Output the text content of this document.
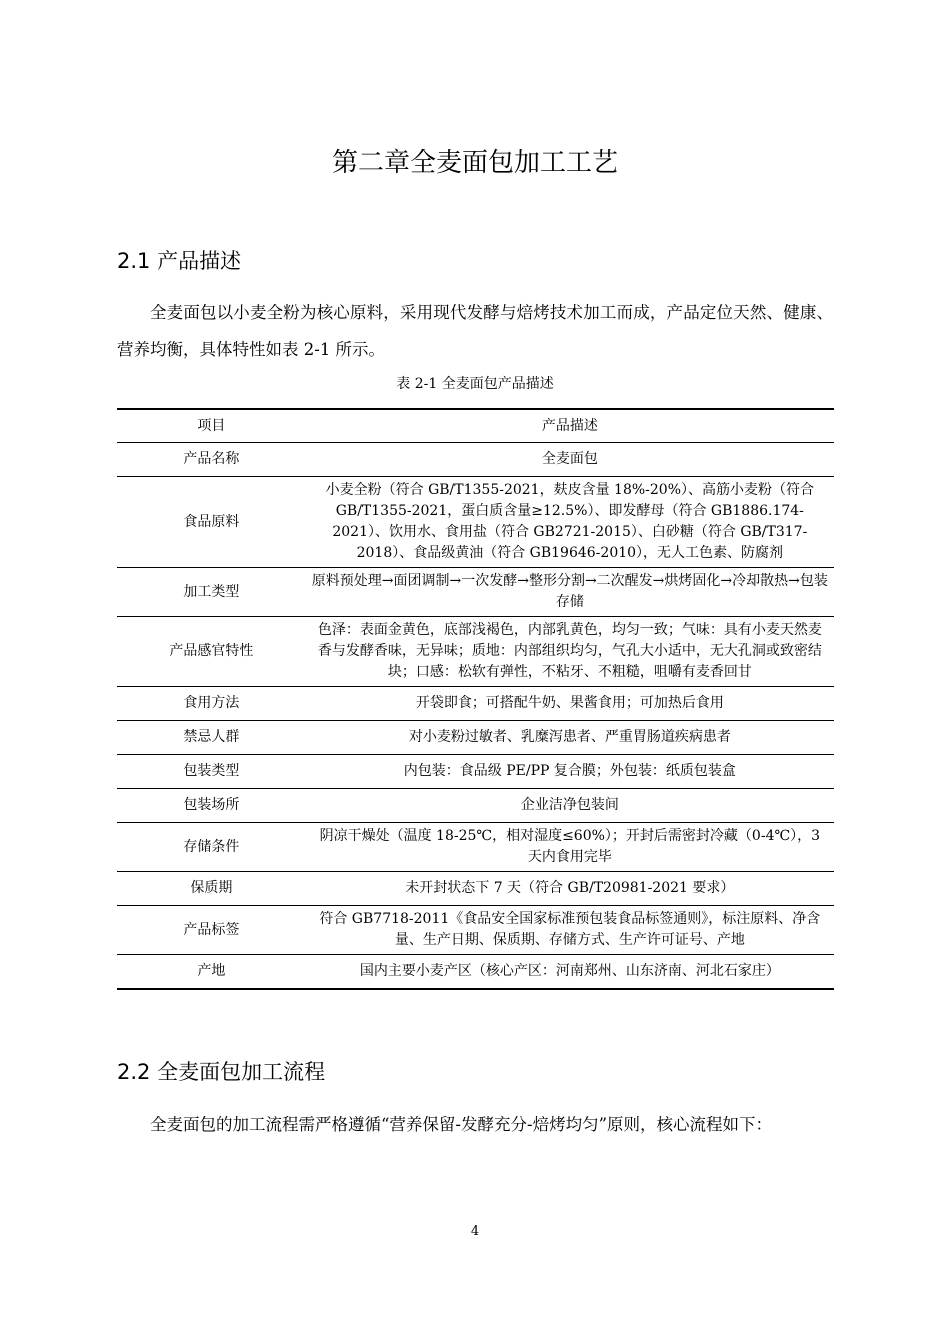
第二章全麦面包加工工艺
2.1 产品描述

全麦面包以小麦全粉为核心原料，采用现代发酵与焙烤技术加工而成，产品定位天然、健康、营养均衡，具体特性如表 2-1 所示。

表 2-1 全麦面包产品描述
项目	产品描述
产品名称	全麦面包
食品原料	小麦全粉（符合 GB/T1355-2021，麸皮含量 18%-20%）、高筋小麦粉（符合 GB/T1355-2021，蛋白质含量≥12.5%）、即发酵母（符合 GB1886.174-2021）、饮用水、食用盐（符合 GB2721-2015）、白砂糖（符合 GB/T317-2018）、食品级黄油（符合 GB19646-2010），无人工色素、防腐剂
加工类型	原料预处理→面团调制→一次发酵→整形分割→二次醒发→烘烤固化→冷却散热→包装存储
产品感官特性	色泽：表面金黄色，底部浅褐色，内部乳黄色，均匀一致；气味：具有小麦天然麦香与发酵香味，无异味；质地：内部组织均匀，气孔大小适中，无大孔洞或致密结块；口感：松软有弹性，不粘牙、不粗糙，咀嚼有麦香回甘
食用方法	开袋即食；可搭配牛奶、果酱食用；可加热后食用
禁忌人群	对小麦粉过敏者、乳糜泻患者、严重胃肠道疾病患者
包装类型	内包装：食品级 PE/PP 复合膜；外包装：纸质包装盒
包装场所	企业洁净包装间
存储条件	阴凉干燥处（温度 18-25℃，相对湿度≤60%）；开封后需密封冷藏（0-4℃），3 天内食用完毕
保质期	未开封状态下 7 天（符合 GB/T20981-2021 要求）
产品标签	符合 GB7718-2011《食品安全国家标准预包装食品标签通则》，标注原料、净含量、生产日期、保质期、存储方式、生产许可证号、产地
产地	国内主要小麦产区（核心产区：河南郑州、山东济南、河北石家庄）
2.2 全麦面包加工流程

全麦面包的加工流程需严格遵循“营养保留-发酵充分-焙烤均匀”原则，核心流程如下：

4
